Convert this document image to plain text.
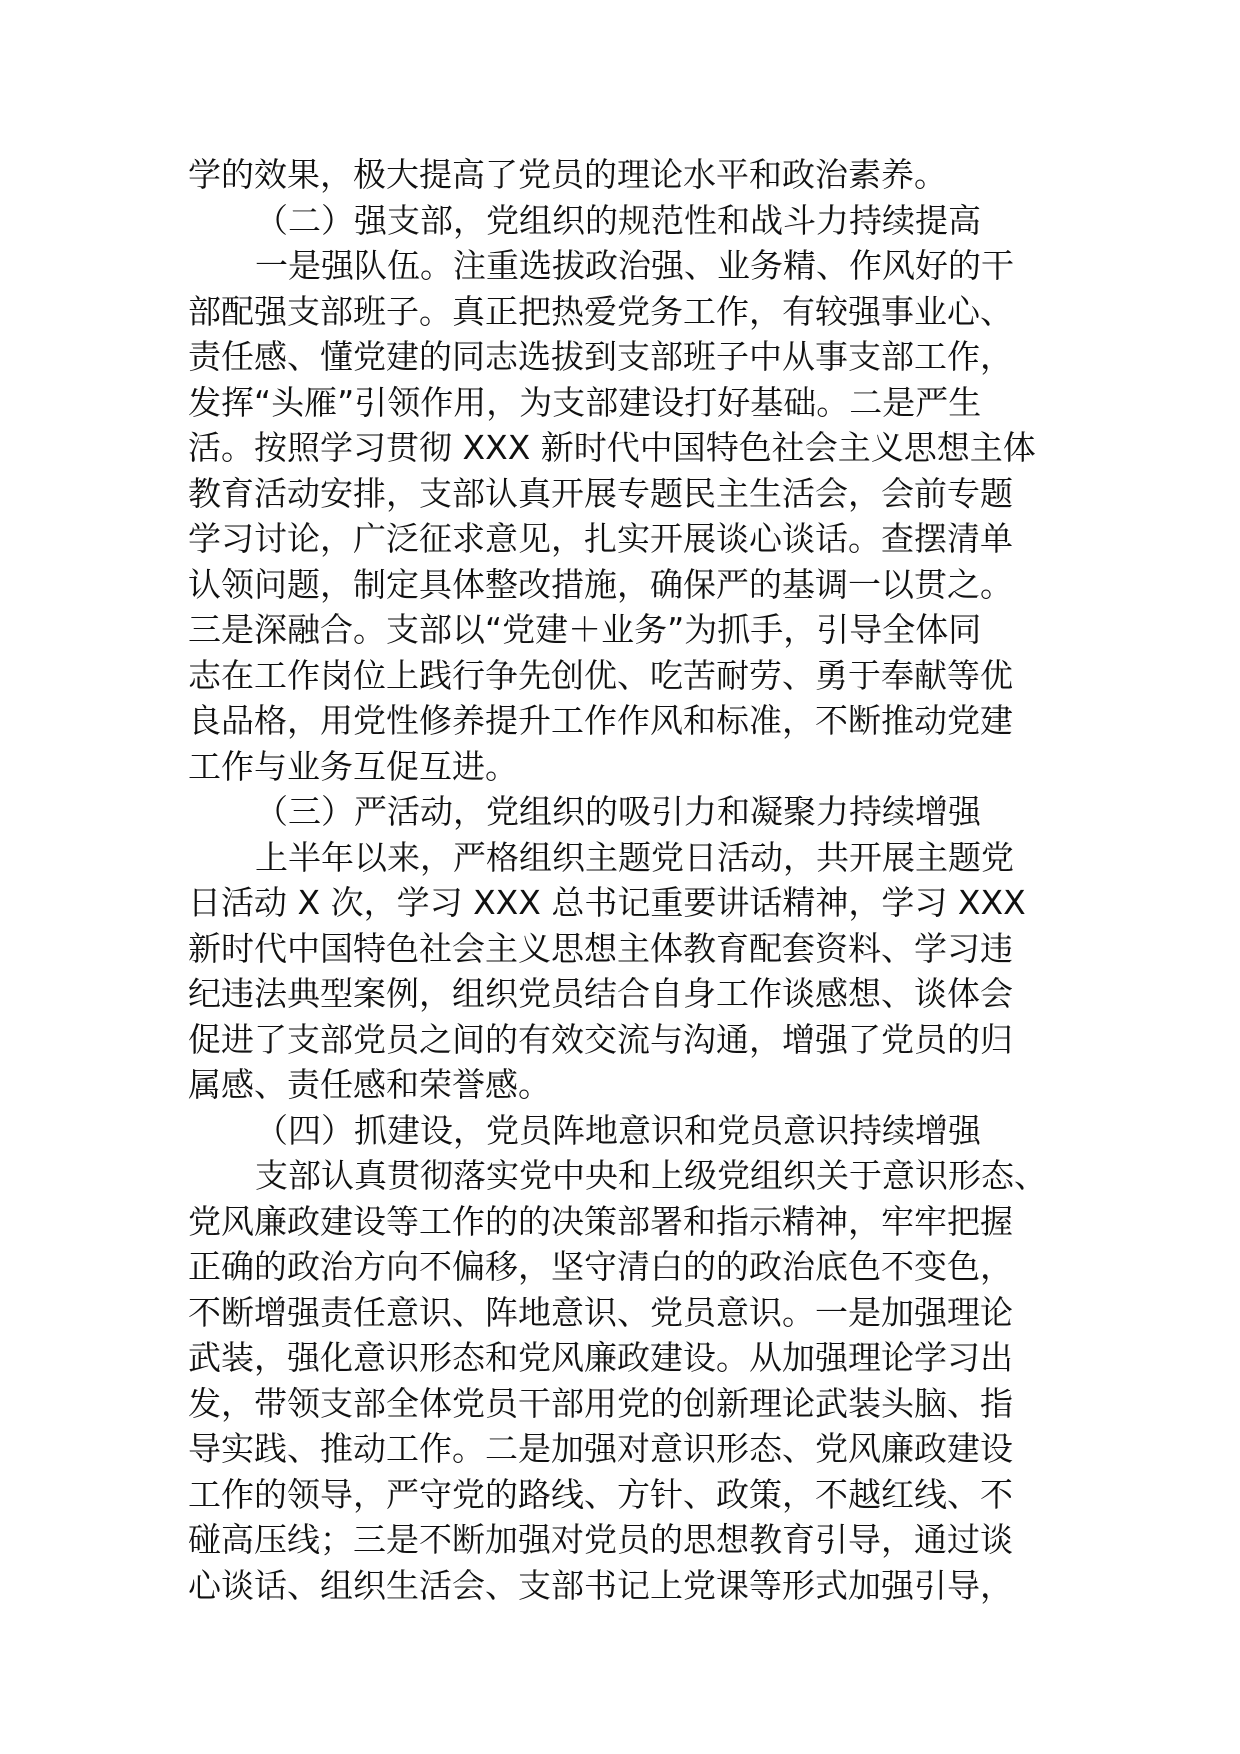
学的效果，极大提高了党员的理论水平和政治素养。
（二）强支部，党组织的规范性和战斗力持续提高
一是强队伍。注重选拔政治强、业务精、作风好的干
部配强支部班子。真正把热爱党务工作，有较强事业心、
责任感、懂党建的同志选拔到支部班子中从事支部工作，
发挥“头雁”引领作用，为支部建设打好基础。二是严生
活。按照学习贯彻 XXX 新时代中国特色社会主义思想主体
教育活动安排，支部认真开展专题民主生活会，会前专题
学习讨论，广泛征求意见，扎实开展谈心谈话。查摆清单
认领问题，制定具体整改措施，确保严的基调一以贯之。
三是深融合。支部以“党建＋业务”为抓手，引导全体同
志在工作岗位上践行争先创优、吃苦耐劳、勇于奉献等优
良品格，用党性修养提升工作作风和标准，不断推动党建
工作与业务互促互进。
（三）严活动，党组织的吸引力和凝聚力持续增强
上半年以来，严格组织主题党日活动，共开展主题党
日活动 X 次，学习 XXX 总书记重要讲话精神，学习 XXX
新时代中国特色社会主义思想主体教育配套资料、学习违
纪违法典型案例，组织党员结合自身工作谈感想、谈体会
促进了支部党员之间的有效交流与沟通，增强了党员的归
属感、责任感和荣誉感。
（四）抓建设，党员阵地意识和党员意识持续增强
支部认真贯彻落实党中央和上级党组织关于意识形态、
党风廉政建设等工作的的决策部署和指示精神，牢牢把握
正确的政治方向不偏移，坚守清白的的政治底色不变色，
不断增强责任意识、阵地意识、党员意识。一是加强理论
武装，强化意识形态和党风廉政建设。从加强理论学习出
发，带领支部全体党员干部用党的创新理论武装头脑、指
导实践、推动工作。二是加强对意识形态、党风廉政建设
工作的领导，严守党的路线、方针、政策，不越红线、不
碰高压线；三是不断加强对党员的思想教育引导，通过谈
心谈话、组织生活会、支部书记上党课等形式加强引导，
